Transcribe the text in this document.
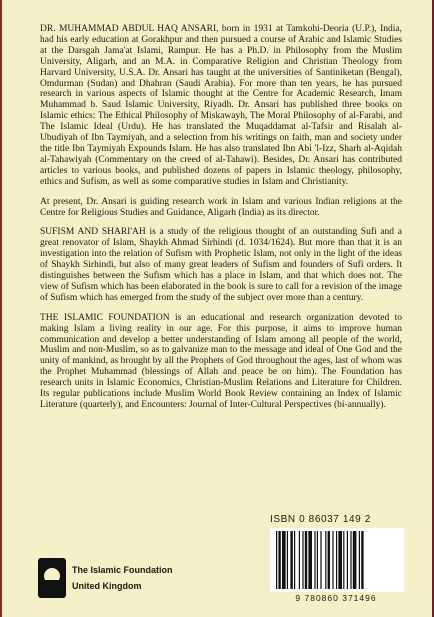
DR. MUHAMMAD ABDUL HAQ ANSARI, born in 1931 at Tamkohi-Deoria (U.P.), India, had his early education at Gorakhpur and then pursued a course of Arabic and Islamic Studies at the Darsgah Jama'at Islami, Rampur. He has a Ph.D. in Philosophy from the Muslim University, Aligarh, and an M.A. in Comparative Religion and Christian Theology from Harvard University, U.S.A. Dr. Ansari has taught at the universities of Santiniketan (Bengal), Omdurman (Sudan) and Dhahran (Saudi Arabia). For more than ten years, he has pursued research in various aspects of Islamic thought at the Centre for Academic Research, Imam Muhammad b. Saud Islamic University, Riyadh. Dr. Ansari has published three books on Islamic ethics: The Ethical Philosophy of Miskawayh, The Moral Philosophy of al-Farabi, and The Islamic Ideal (Urdu). He has translated the Muqaddamat al-Tafsir and Risalah al-Ubudiyah of Ibn Taymiyah, and a selection from his writings on faith, man and society under the title Ibn Taymiyah Expounds Islam. He has also translated Ibn Abi 'l-Izz, Sharh al-Aqidah al-Tahawiyah (Commentary on the creed of al-Tahawi). Besides, Dr. Ansari has contributed articles to various books, and published dozens of papers in Islamic theology, philosophy, ethics and Sufism, as well as some comparative studies in Islam and Christianity.

At present, Dr. Ansari is guiding research work in Islam and various Indian religions at the Centre for Religious Studies and Guidance, Aligarh (India) as its director.

SUFISM AND SHARI'AH is a study of the religious thought of an outstanding Sufi and a great renovator of Islam, Shaykh Ahmad Sirhindi (d. 1034/1624). But more than that it is an investigation into the relation of Sufism with Prophetic Islam, not only in the light of the ideas of Shaykh Sirhindi, but also of many great leaders of Sufism and founders of Sufi orders. It distinguishes between the Sufism which has a place in Islam, and that which does not. The view of Sufism which has been elaborated in the book is sure to call for a revision of the image of Sufism which has emerged from the study of the subject over more than a century.

THE ISLAMIC FOUNDATION is an educational and research organization devoted to making Islam a living reality in our age. For this purpose, it aims to improve human communication and develop a better understanding of Islam among all people of the world, Muslim and non-Muslim, so as to galvanize man to the message and ideal of One God and the unity of mankind, as brought by all the Prophets of God throughout the ages, last of whom was the Prophet Muhammad (blessings of Allah and peace be on him). The Foundation has research units in Islamic Economics, Christian-Muslim Relations and Literature for Children. Its regular publications include Muslim World Book Review containing an Index of Islamic Literature (quarterly), and Encounters: Journal of Inter-Cultural Perspectives (bi-annually).

ISBN 0 86037 149 2
The Islamic Foundation
United Kingdom
9 780860 371496
